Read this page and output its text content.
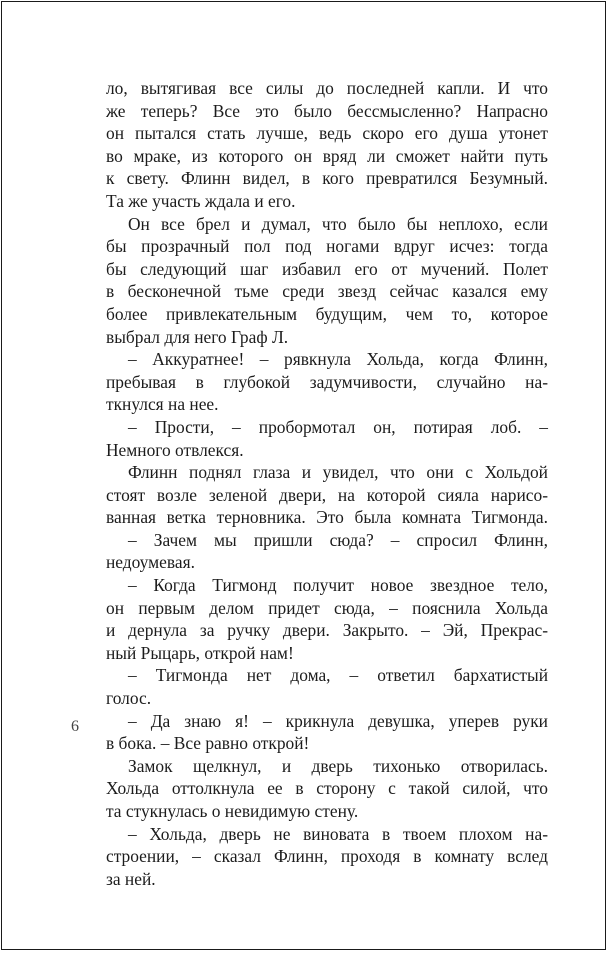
ло, вытягивая все силы до последней капли. И что
же теперь? Все это было бессмысленно? Напрасно
он пытался стать лучше, ведь скоро его душа утонет
во мраке, из которого он вряд ли сможет найти путь
к свету. Флинн видел, в кого превратился Безумный.
Та же участь ждала и его.
Он все брел и думал, что было бы неплохо, если
бы прозрачный пол под ногами вдруг исчез: тогда
бы следующий шаг избавил его от мучений. Полет
в бесконечной тьме среди звезд сейчас казался ему
более привлекательным будущим, чем то, которое
выбрал для него Граф Л.
– Аккуратнее! – рявкнула Хольда, когда Флинн,
пребывая в глубокой задумчивости, случайно на-
ткнулся на нее.
– Прости, – пробормотал он, потирая лоб. –
Немного отвлекся.
Флинн поднял глаза и увидел, что они с Хольдой
стоят возле зеленой двери, на которой сияла нарисо-
ванная ветка терновника. Это была комната Тигмонда.
– Зачем мы пришли сюда? – спросил Флинн,
недоумевая.
– Когда Тигмонд получит новое звездное тело,
он первым делом придет сюда, – пояснила Хольда
и дернула за ручку двери. Закрыто. – Эй, Прекрас-
ный Рыцарь, открой нам!
– Тигмонда нет дома, – ответил бархатистый
голос.
– Да знаю я! – крикнула девушка, уперев руки
в бока. – Все равно открой!
Замок щелкнул, и дверь тихонько отворилась.
Хольда оттолкнула ее в сторону с такой силой, что
та стукнулась о невидимую стену.
– Хольда, дверь не виновата в твоем плохом на-
строении, – сказал Флинн, проходя в комнату вслед
за ней.
6
